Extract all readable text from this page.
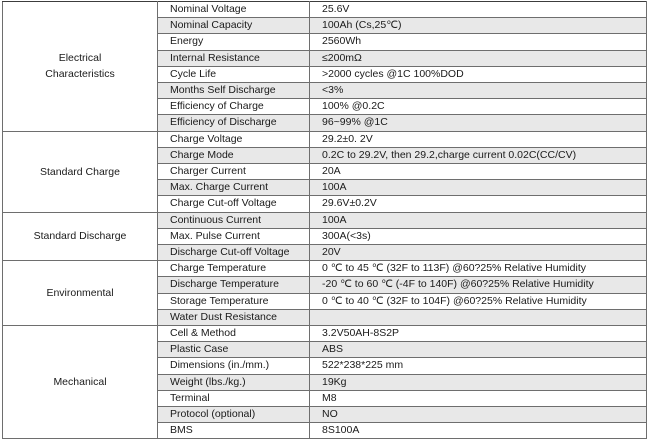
Electrical
Characteristics	Nominal Voltage	25.6V
	Nominal Capacity	100Ah (Cs,25℃)
	Energy	2560Wh
	Internal Resistance	≤200mΩ
	Cycle Life	>2000 cycles @1C 100%DOD
	Months Self Discharge	<3%
	Efficiency of Charge	100% @0.2C
	Efficiency of Discharge	96~99% @1C
Standard Charge	Charge Voltage	29.2±0. 2V
	Charge Mode	0.2C to 29.2V, then 29.2,charge current 0.02C(CC/CV)
	Charger Current	20A
	Max. Charge Current	100A
	Charge Cut-off Voltage	29.6V±0.2V
Standard Discharge	Continuous Current	100A
	Max. Pulse Current	300A(<3s)
	Discharge Cut-off Voltage	20V
Environmental	Charge Temperature	0 ℃ to 45 ℃ (32F to 113F) @60?25% Relative Humidity
	Discharge Temperature	-20 ℃ to 60 ℃ (-4F to 140F) @60?25% Relative Humidity
	Storage Temperature	0 ℃ to 40 ℃ (32F to 104F) @60?25% Relative Humidity
	Water Dust Resistance	
Mechanical	Cell & Method	3.2V50AH-8S2P
	Plastic Case	ABS
	Dimensions (in./mm.)	522*238*225 mm
	Weight (lbs./kg.)	19Kg
	Terminal	M8
	Protocol (optional)	NO
	BMS	8S100A
